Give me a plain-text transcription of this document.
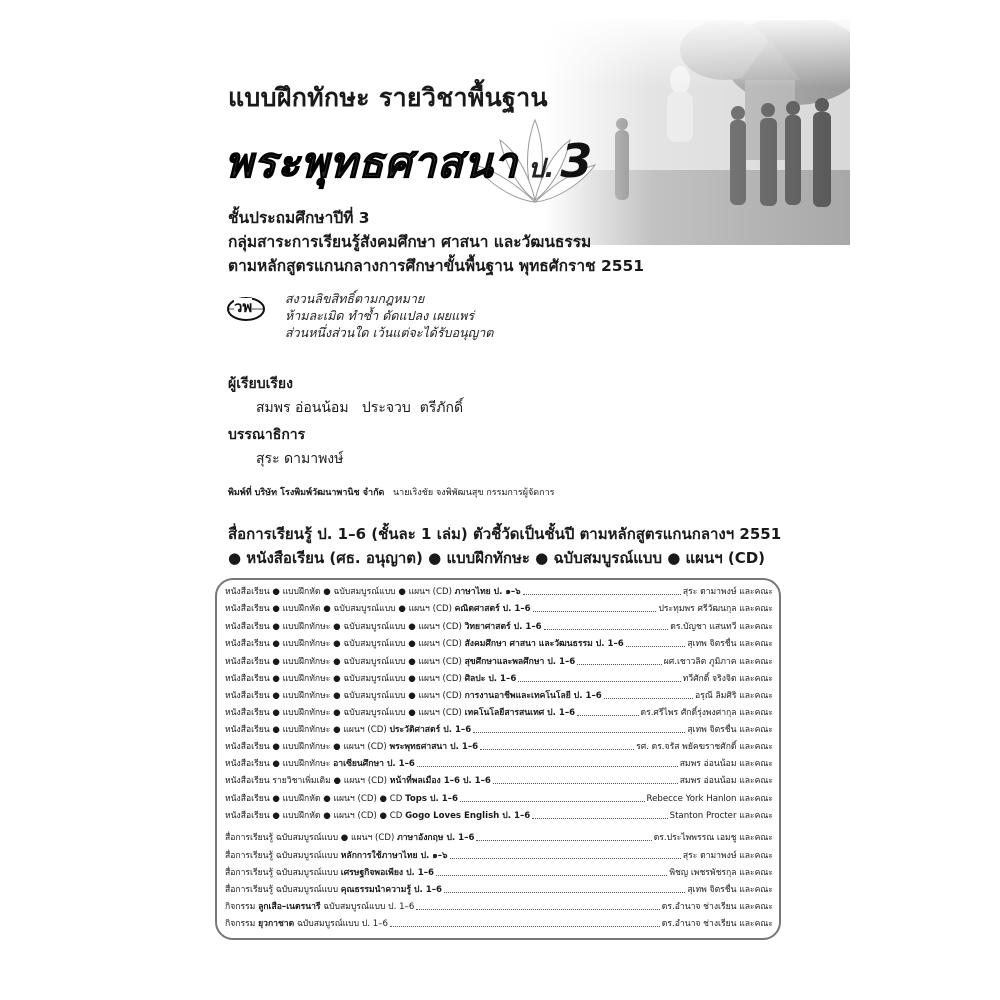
แบบฝึกทักษะ รายวิชาพื้นฐาน
พระพุทธศาสนา ป. 3
ชั้นประถมศึกษาปีที่ 3
กลุ่มสาระการเรียนรู้สังคมศึกษา ศาสนา และวัฒนธรรม
ตามหลักสูตรแกนกลางการศึกษาขั้นพื้นฐาน พุทธศักราช 2551
วพ	สงวนลิขสิทธิ์ตามกฎหมาย
ห้ามละเมิด ทำซ้ำ ดัดแปลง เผยแพร่
ส่วนหนึ่งส่วนใด เว้นแต่จะได้รับอนุญาต
ผู้เรียบเรียง
สมพร อ่อนน้อม   ประจวบ  ตรีภักดิ์
บรรณาธิการ
สุระ ดามาพงษ์
พิมพ์ที่ บริษัท โรงพิมพ์วัฒนาพานิช จำกัด นายเริงชัย จงพิพัฒนสุข กรรมการผู้จัดการ
สื่อการเรียนรู้ ป. 1–6 (ชั้นละ 1 เล่ม) ตัวชี้วัดเป็นชั้นปี ตามหลักสูตรแกนกลางฯ 2551
● หนังสือเรียน (ศธ. อนุญาต) ● แบบฝึกทักษะ ● ฉบับสมบูรณ์แบบ ● แผนฯ (CD)
หนังสือเรียน ● แบบฝึกหัด ● ฉบับสมบูรณ์แบบ ● แผนฯ (CD) ภาษาไทย ป. ๑–๖	สุระ ดามาพงษ์ และคณะ
หนังสือเรียน ● แบบฝึกหัด ● ฉบับสมบูรณ์แบบ ● แผนฯ (CD) คณิตศาสตร์ ป. 1–6	ประทุมพร ศรีวัฒนกุล และคณะ
หนังสือเรียน ● แบบฝึกทักษะ ● ฉบับสมบูรณ์แบบ ● แผนฯ (CD) วิทยาศาสตร์ ป. 1–6	ดร.บัญชา แสนทวี และคณะ
หนังสือเรียน ● แบบฝึกทักษะ ● ฉบับสมบูรณ์แบบ ● แผนฯ (CD) สังคมศึกษา ศาสนา และวัฒนธรรม ป. 1–6	สุเทพ จิตรชื่น และคณะ
หนังสือเรียน ● แบบฝึกทักษะ ● ฉบับสมบูรณ์แบบ ● แผนฯ (CD) สุขศึกษาและพลศึกษา ป. 1–6	ผศ.เชาวลิต ภูมิภาค และคณะ
หนังสือเรียน ● แบบฝึกทักษะ ● ฉบับสมบูรณ์แบบ ● แผนฯ (CD) ศิลปะ ป. 1–6	ทวีศักดิ์ จริงจิต และคณะ
หนังสือเรียน ● แบบฝึกทักษะ ● ฉบับสมบูรณ์แบบ ● แผนฯ (CD) การงานอาชีพและเทคโนโลยี ป. 1–6	อรุณี ลิมศิริ และคณะ
หนังสือเรียน ● แบบฝึกทักษะ ● ฉบับสมบูรณ์แบบ ● แผนฯ (CD) เทคโนโลยีสารสนเทศ ป. 1–6	ดร.ศรีไพร ศักดิ์รุ่งพงศากุล และคณะ
หนังสือเรียน ● แบบฝึกทักษะ ● แผนฯ (CD) ประวัติศาสตร์ ป. 1–6	สุเทพ จิตรชื่น และคณะ
หนังสือเรียน ● แบบฝึกทักษะ ● แผนฯ (CD) พระพุทธศาสนา ป. 1–6	รศ. ดร.จรัส พยัคฆราชศักดิ์ และคณะ
หนังสือเรียน ● แบบฝึกทักษะ อาเซียนศึกษา ป. 1–6	สมพร อ่อนน้อม และคณะ
หนังสือเรียน รายวิชาเพิ่มเติม ● แผนฯ (CD) หน้าที่พลเมือง 1–6 ป. 1–6	สมพร อ่อนน้อม และคณะ
หนังสือเรียน ● แบบฝึกหัด ● แผนฯ (CD) ● CD Tops ป. 1–6	Rebecce York Hanlon และคณะ
หนังสือเรียน ● แบบฝึกหัด ● แผนฯ (CD) ● CD Gogo Loves English ป. 1–6	Stanton Procter และคณะ
สื่อการเรียนรู้ ฉบับสมบูรณ์แบบ ● แผนฯ (CD) ภาษาอังกฤษ ป. 1–6	ดร.ประไพพรรณ เอมชู และคณะ
สื่อการเรียนรู้ ฉบับสมบูรณ์แบบ หลักการใช้ภาษาไทย ป. ๑–๖	สุระ ดามาพงษ์ และคณะ
สื่อการเรียนรู้ ฉบับสมบูรณ์แบบ เศรษฐกิจพอเพียง ป. 1–6	พิชญ เพชรพัชรกุล และคณะ
สื่อการเรียนรู้ ฉบับสมบูรณ์แบบ คุณธรรมนำความรู้ ป. 1–6	สุเทพ จิตรชื่น และคณะ
กิจกรรม ลูกเสือ–เนตรนารี ฉบับสมบูรณ์แบบ ป. 1–6	ดร.อำนาจ ช่างเรียน และคณะ
กิจกรรม ยุวกาชาด ฉบับสมบูรณ์แบบ ป. 1–6	ดร.อำนาจ ช่างเรียน และคณะ
